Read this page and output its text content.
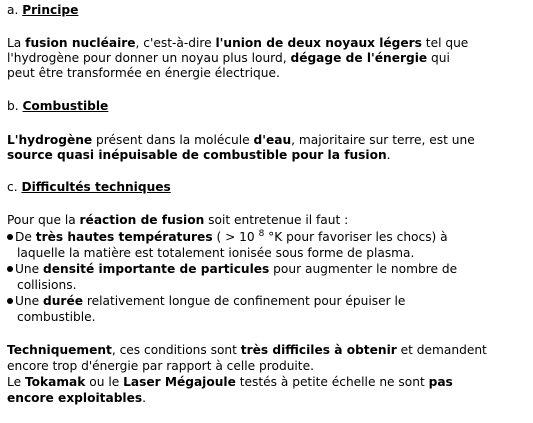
a. Principe
La fusion nucléaire, c'est-à-dire l'union de deux noyaux légers tel que
l'hydrogène pour donner un noyau plus lourd, dégage de l'énergie qui
peut être transformée en énergie électrique.
b. Combustible
L'hydrogène présent dans la molécule d'eau, majoritaire sur terre, est une
source quasi inépuisable de combustible pour la fusion.
c. Difficultés techniques
Pour que la réaction de fusion soit entretenue il faut :
De très hautes températures ( > 10 $^8$ °K pour favoriser les chocs) à
laquelle la matière est totalement ionisée sous forme de plasma.
Une densité importante de particules pour augmenter le nombre de
collisions.
Une durée relativement longue de confinement pour épuiser le
combustible.
Techniquement, ces conditions sont très difficiles à obtenir et demandent
encore trop d'énergie par rapport à celle produite.
Le Tokamak ou le Laser Mégajoule testés à petite échelle ne sont pas
encore exploitables.
